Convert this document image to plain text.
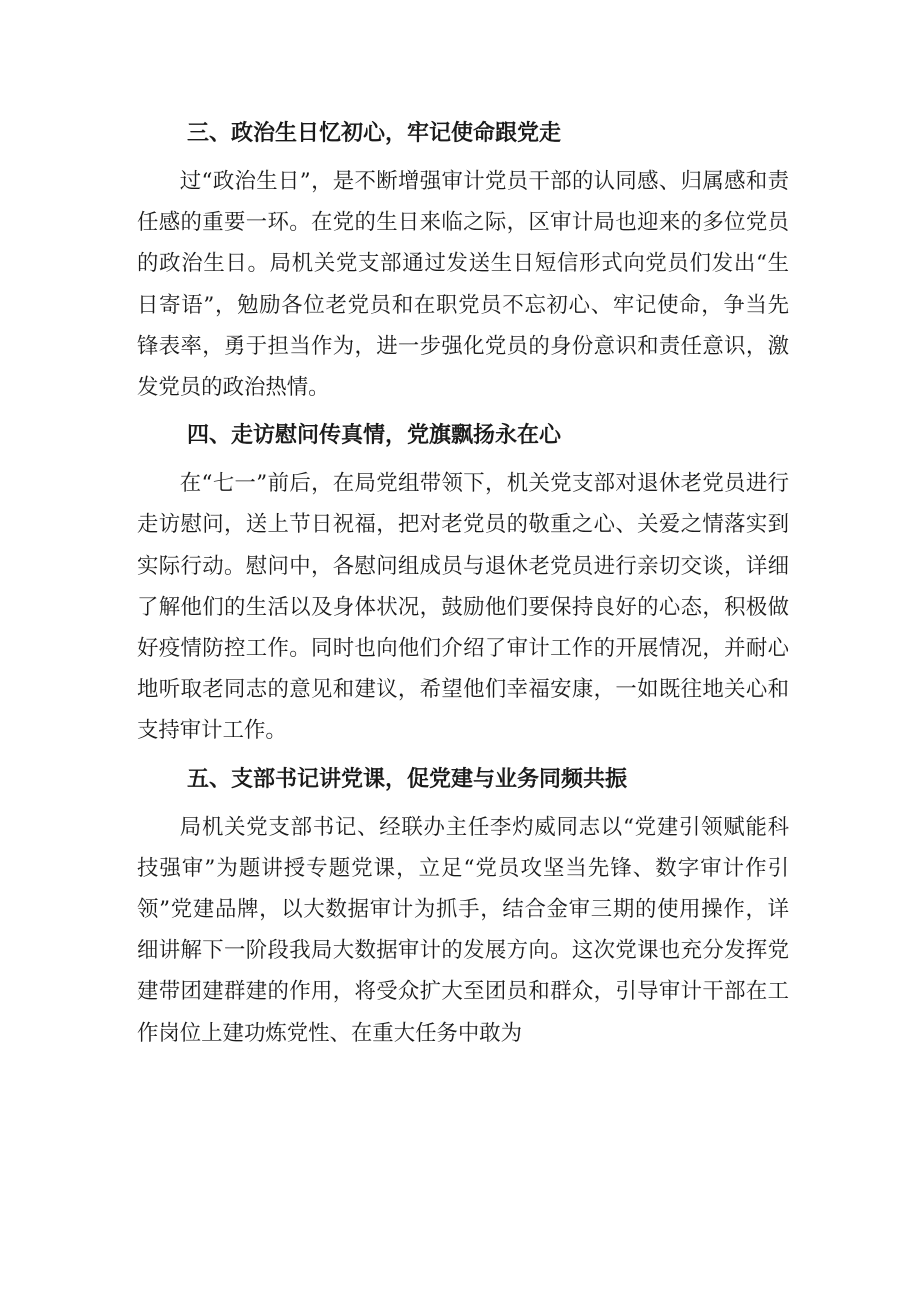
三、政治生日忆初心，牢记使命跟党走

过“政治生日”，是不断增强审计党员干部的认同感、归属感和责任感的重要一环。在党的生日来临之际，区审计局也迎来的多位党员的政治生日。局机关党支部通过发送生日短信形式向党员们发出“生日寄语”，勉励各位老党员和在职党员不忘初心、牢记使命，争当先锋表率，勇于担当作为，进一步强化党员的身份意识和责任意识，激发党员的政治热情。

四、走访慰问传真情，党旗飘扬永在心

在“七一”前后，在局党组带领下，机关党支部对退休老党员进行走访慰问，送上节日祝福，把对老党员的敬重之心、关爱之情落实到实际行动。慰问中，各慰问组成员与退休老党员进行亲切交谈，详细了解他们的生活以及身体状况，鼓励他们要保持良好的心态，积极做好疫情防控工作。同时也向他们介绍了审计工作的开展情况，并耐心地听取老同志的意见和建议，希望他们幸福安康，一如既往地关心和支持审计工作。

五、支部书记讲党课，促党建与业务同频共振

局机关党支部书记、经联办主任李灼威同志以“党建引领赋能科技强审”为题讲授专题党课，立足“党员攻坚当先锋、数字审计作引领”党建品牌，以大数据审计为抓手，结合金审三期的使用操作，详细讲解下一阶段我局大数据审计的发展方向。这次党课也充分发挥党建带团建群建的作用，将受众扩大至团员和群众，引导审计干部在工作岗位上建功炼党性、在重大任务中敢为
